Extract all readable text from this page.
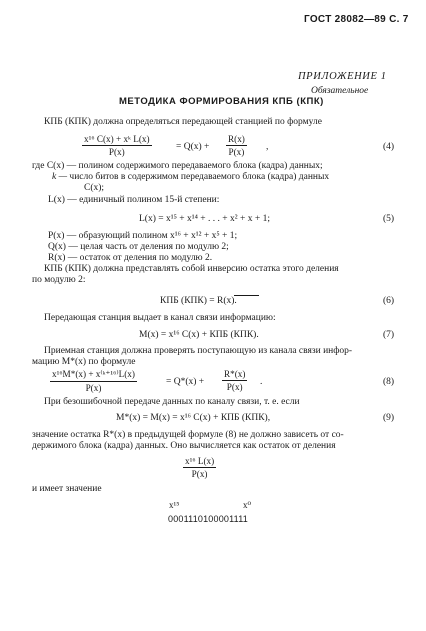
ГОСТ 28082—89 С. 7
ПРИЛОЖЕНИЕ 1
Обязательное
МЕТОДИКА ФОРМИРОВАНИЯ КПБ (КПК)
КПБ (КПК) должна определяться передающей станцией по формуле
$\frac{\text{x¹⁶ C(x) + xᵏ L(x)}}{P(x)}$	= $Q(x) + \frac{R(x)}{P(x)}$ ,	(4)
где C(x) — полином содержимого передаваемого блока (кадра) данных;
k — число битов в содержимом передаваемого блока (кадра) данных
C(x);
L(x) — единичный полином 15-й степени:
L(x) = x¹⁵ + x¹⁴ + . . . + x² + x + 1;	(5)
P(x) — образующий полином x¹⁶ + x¹² + x⁵ + 1;
Q(x) — целая часть от деления по модулю 2;
R(x) — остаток от деления по модулю 2.
КПБ (КПК) должна представлять собой инверсию остатка этого деления
по модулю 2:
КПБ (КПК) = R(x).	(6)
Передающая станция выдает в канал связи информацию:
M(x) = x¹⁶ C(x) + КПБ (КПК).	(7)
Приемная станция должна проверять поступающую из канала связи инфор-
мацию M*(x) по формуле
$\frac{\text{x¹⁶M*(x) + x⁽ᵏ⁺¹⁶⁾L(x)}}{P(x)}$	= $Q*(x) + \frac{R*(x)}{P(x)}$ .	(8)
При безошибочной передаче данных по каналу связи, т. е. если
M*(x) = M(x) = x¹⁶ C(x) + КПБ (КПК),	(9)
значение остатка R*(x) в предыдущей формуле (8) не должно зависеть от со-
держимого блока (кадра) данных. Оно вычисляется как остаток от деления
$\frac{\text{x¹⁶ L(x)}}{P(x)}$
и имеет значение
x¹⁵	x⁰
0001110100001111
